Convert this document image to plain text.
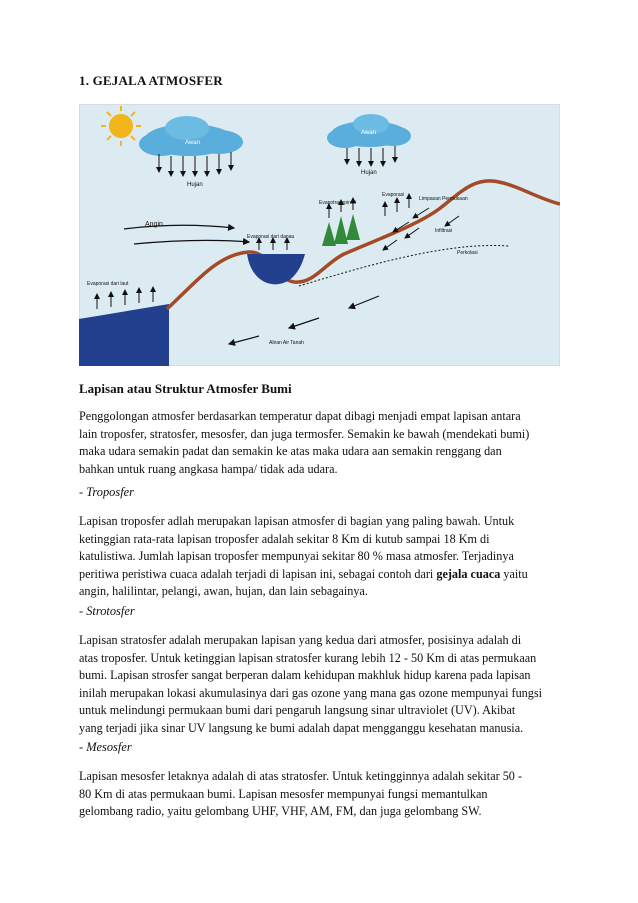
1. GEJALA ATMOSFER
Awan
Hujan
Awan
Hujan
Angin
Evaporasi dari laut
Evaporasi dari danau
Evapotranspirasi
Evaporasi
Limpasan Permukaan
Infiltrasi
Perkolasi
Aliran Air Tanah
Lapisan atau Struktur Atmosfer Bumi

Penggolongan atmosfer berdasarkan temperatur dapat dibagi menjadi empat lapisan antara
lain troposfer, stratosfer, mesosfer, dan juga termosfer. Semakin ke bawah (mendekati bumi)
maka udara semakin padat dan semakin ke atas maka udara aan semakin renggang dan
bahkan untuk ruang angkasa hampa/ tidak ada udara.

- Troposfer

Lapisan troposfer adlah merupakan lapisan atmosfer di bagian yang paling bawah. Untuk
ketinggian rata-rata lapisan troposfer adalah sekitar 8 Km di kutub sampai 18 Km di
katulistiwa. Jumlah lapisan troposfer mempunyai sekitar 80 % masa atmosfer. Terjadinya
peritiwa peristiwa cuaca adalah terjadi di lapisan ini, sebagai contoh dari gejala cuaca yaitu
angin, halilintar, pelangi, awan, hujan, dan lain sebagainya.

- Strotosfer

Lapisan stratosfer adalah merupakan lapisan yang kedua dari atmosfer, posisinya adalah di
atas troposfer. Untuk ketinggian lapisan stratosfer kurang lebih 12 - 50 Km di atas permukaan
bumi. Lapisan strosfer sangat berperan dalam kehidupan makhluk hidup karena pada lapisan
inilah merupakan lokasi akumulasinya dari gas ozone yang mana gas ozone mempunyai fungsi
untuk melindungi permukaan bumi dari pengaruh langsung sinar ultraviolet (UV). Akibat
yang terjadi jika sinar UV langsung ke bumi adalah dapat mengganggu kesehatan manusia.

- Mesosfer

Lapisan mesosfer letaknya adalah di atas stratosfer. Untuk ketingginnya adalah sekitar 50 -
80 Km di atas permukaan bumi. Lapisan mesosfer mempunyai fungsi memantulkan
gelombang radio, yaitu gelombang UHF, VHF, AM, FM, dan juga gelombang SW.
